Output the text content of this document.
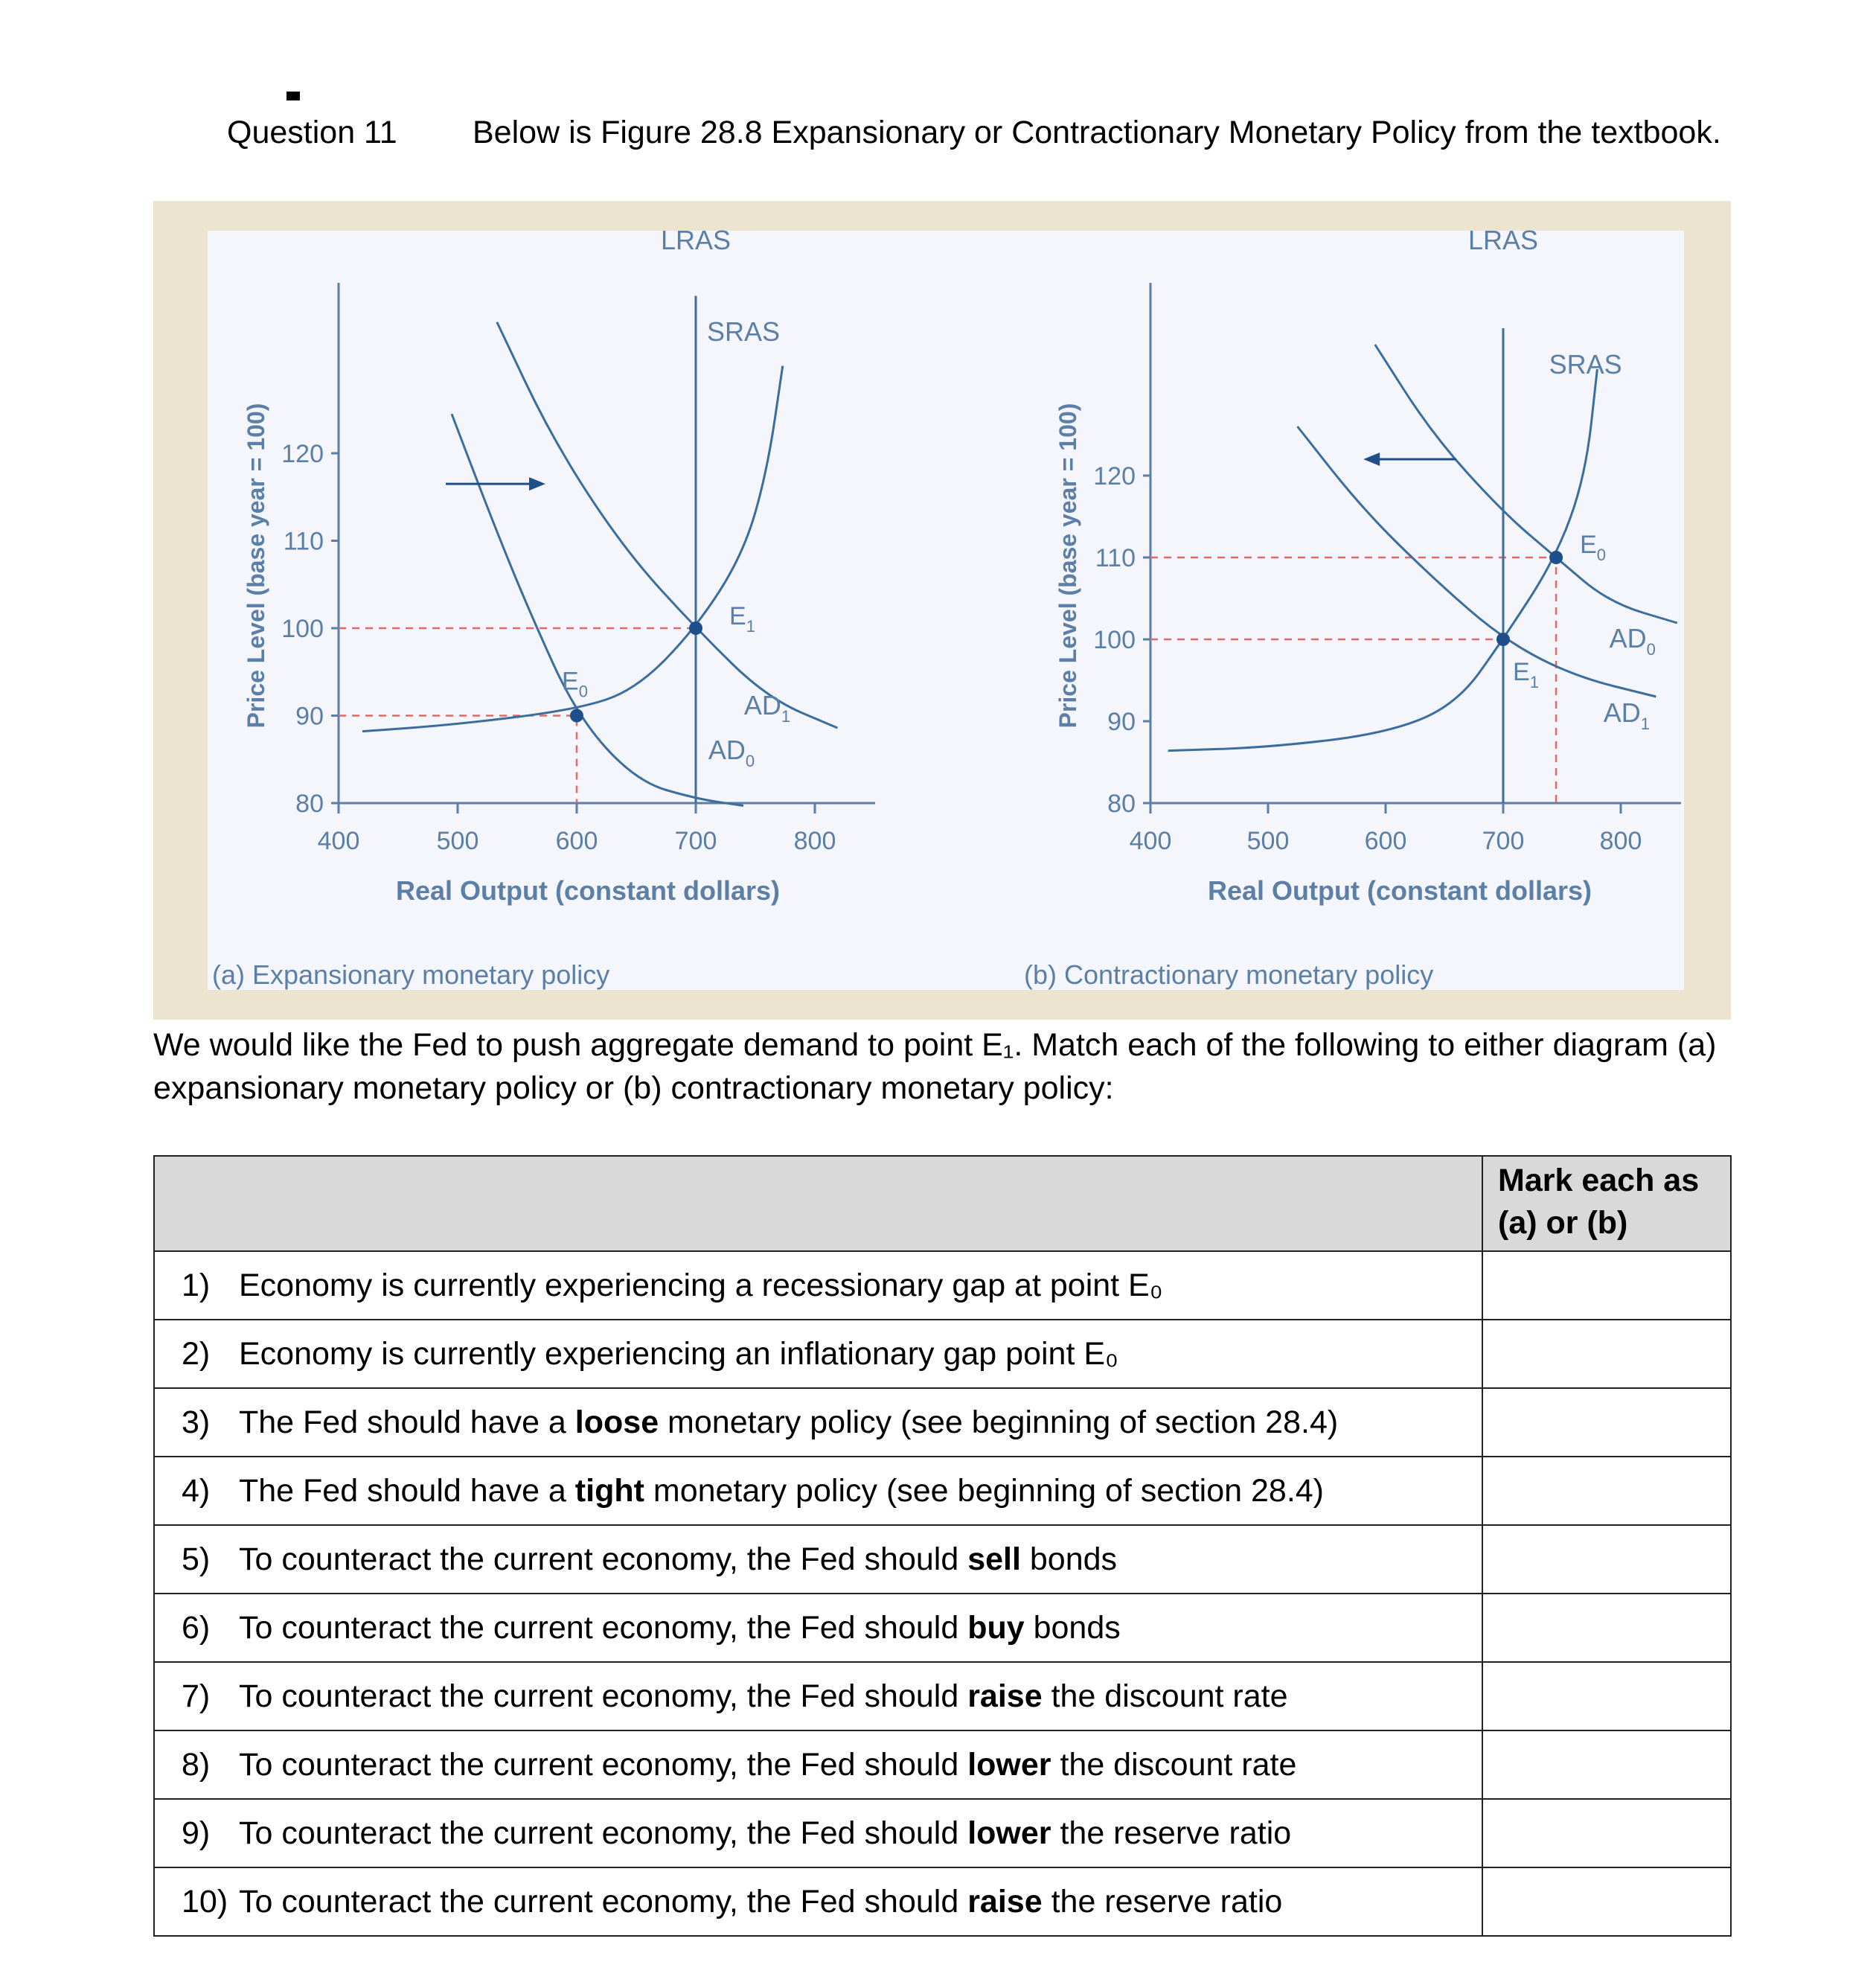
Question 11 Below is Figure 28.8 Expansionary or Contractionary Monetary Policy from the textbook.
80
90
100
110
120
400	500	600	700	800
Price Level (base year = 100)
Real Output (constant dollars)
(a) Expansionary monetary policy
LRAS
SRAS
$AD_1$
$AD_0$
$E_0$
$E_1$
80
90
100
110
120
400	500	600	700	800
Price Level (base year = 100)
Real Output (constant dollars)
(b) Contractionary monetary policy
LRAS
SRAS
$AD_0$
$AD_1$
$E_0$
$E_1$
We would like the Fed to push aggregate demand to point E₁. Match each of the following to either diagram (a) expansionary monetary policy or (b) contractionary monetary policy:
	Mark each as
(a) or (b)
1) Economy is currently experiencing a recessionary gap at point E₀	
2) Economy is currently experiencing an inflationary gap point E₀	
3) The Fed should have a loose monetary policy (see beginning of section 28.4)	
4) The Fed should have a tight monetary policy (see beginning of section 28.4)	
5) To counteract the current economy, the Fed should sell bonds	
6) To counteract the current economy, the Fed should buy bonds	
7) To counteract the current economy, the Fed should raise the discount rate	
8) To counteract the current economy, the Fed should lower the discount rate	
9) To counteract the current economy, the Fed should lower the reserve ratio	
10) To counteract the current economy, the Fed should raise the reserve ratio	
